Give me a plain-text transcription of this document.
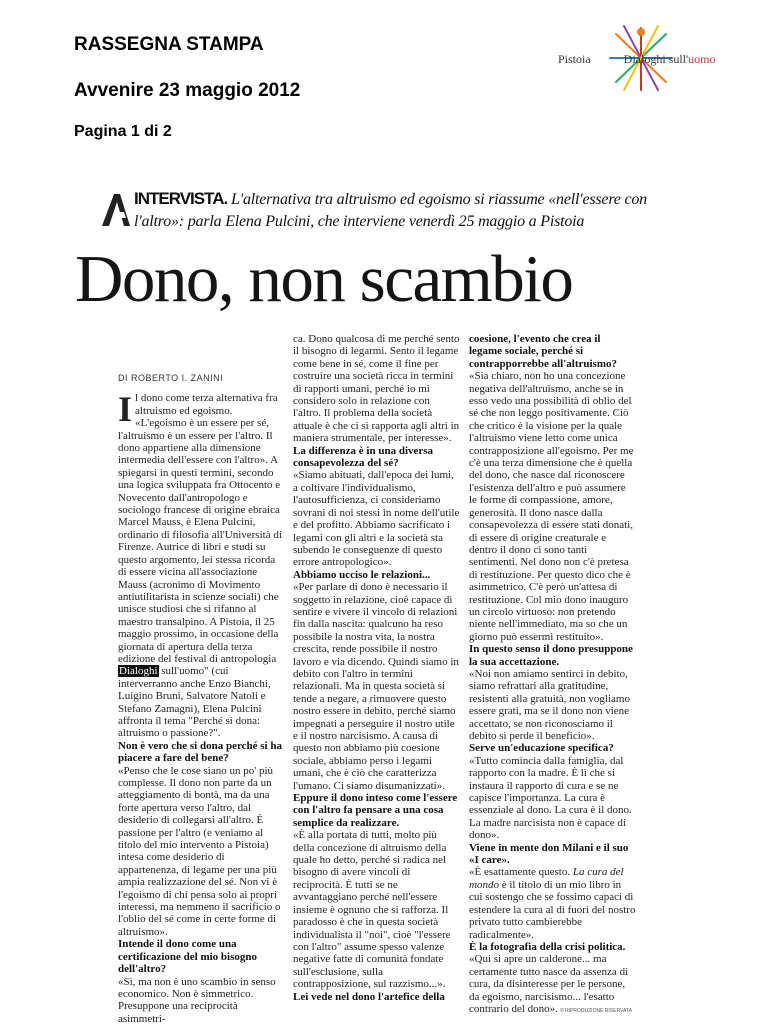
RASSEGNA STAMPA
Avvenire 23 maggio 2012
Pagina 1 di 2
Pistoia	Dialoghi sull'uomo
INTERVISTA. L'alternativa tra altruismo ed egoismo si riassume «nell'essere con l'altro»: parla Elena Pulcini, che interviene venerdì 25 maggio a Pistoia
Dono, non scambio

DI ROBERTO I. ZANINI

Il dono come terza alternativa fra altruismo ed egoismo. «L'egoismo è un essere per sé, l'altruismo è un essere per l'altro. Il dono appartiene alla dimensione intermedia dell'essere con l'altro». A spiegarsi in questi termini, secondo una logica sviluppata fra Ottocento e Novecento dall'antropologo e sociologo francese di origine ebraica Marcel Mauss, è Elena Pulcini, ordinario di filosofia all'Università di Firenze. Autrice di libri e studi su questo argomento, lei stessa ricorda di essere vicina all'associazione Mauss (acronimo di Movimento antiutilitarista in scienze sociali) che unisce studiosi che si rifanno al maestro transalpino. A Pistoia, il 25 maggio prossimo, in occasione della giornata di apertura della terza edizione del festival di antropologia Dialoghi sull'uomo" (cui interverranno anche Enzo Bianchi, Luigino Bruni, Salvatore Natoli e Stefano Zamagni), Elena Pulcini affronta il tema "Perché si dona: altruismo o passione?".

Non è vero che si dona perché si ha piacere a fare del bene?

«Penso che le cose siano un po' più complesse. Il dono non parte da un atteggiamento di bontà, ma da una forte apertura verso l'altro, dal desiderio di collegarsi all'altro. È passione per l'altro (e veniamo al titolo del mio intervento a Pistoia) intesa come desiderio di appartenenza, di legame per una più ampia realizzazione del sé. Non vi è l'egoismo di chi pensa solo ai propri interessi, ma nemmeno il sacrificio o l'oblio del sé come in certe forme di altruismo».

Intende il dono come una certificazione del mio bisogno dell'altro?

«Sì, ma non è uno scambio in senso economico. Non è simmetrico. Presuppone una reciprocità asimmetri-

ca. Dono qualcosa di me perché sento il bisogno di legarmi. Sento il legame come bene in sé, come il fine per costruire una società ricca in termini di rapporti umani, perché io mi considero solo in relazione con l'altro. Il problema della società attuale è che ci si rapporta agli altri in maniera strumentale, per interesse».

La differenza è in una diversa consapevolezza del sé?

«Siamo abituati, dall'epoca dei lumi, a coltivare l'individualismo, l'autosufficienza, ci consideriamo sovrani di noi stessi in nome dell'utile e del profitto. Abbiamo sacrificato i legami con gli altri e la società sta subendo le conseguenze di questo errore antropologico».

Abbiamo ucciso le relazioni...

«Per parlare di dono è necessario il soggetto in relazione, cioè capace di sentire e vivere il vincolo di relazioni fin dalla nascita: qualcuno ha reso possibile la nostra vita, la nostra crescita, rende possibile il nostro lavoro e via dicendo. Quindi siamo in debito con l'altro in termini relazionali. Ma in questa società si tende a negare, a rimuovere questo nostro essere in debito, perché siamo impegnati a perseguire il nostro utile e il nostro narcisismo. A causa di questo non abbiamo più coesione sociale, abbiamo perso i legami umani, che è ciò che caratterizza l'umano. Ci siamo disumanizzati».

Eppure il dono inteso come l'essere con l'altro fa pensare a una cosa semplice da realizzare.

«È alla portata di tutti, molto più della concezione di altruismo della quale ho detto, perché si radica nel bisogno di avere vincoli di reciprocità. È tutti se ne avvantaggiano perché nell'essere insieme è ognuno che si rafforza. Il paradosso è che in questa società individualista il "noi", cioè "l'essere con l'altro" assume spesso valenze negative fatte di comunità fondate sull'esclusione, sulla contrapposizione, sul razzismo...».

Lei vede nel dono l'artefice della

coesione, l'evento che crea il legame sociale, perché si contrapporrebbe all'altruismo?

«Sia chiaro, non ho una concezione negativa dell'altruismo, anche se in esso vedo una possibilità di oblio del sé che non leggo positivamente. Ciò che critico è la visione per la quale l'altruismo viene letto come unica contrapposizione all'egoismo. Per me c'è una terza dimensione che è quella del dono, che nasce dal riconoscere l'esistenza dell'altro e può assumere le forme di compassione, amore, generosità. Il dono nasce dalla consapevolezza di essere stati donati, di essere di origine creaturale e dentro il dono ci sono tanti sentimenti. Nel dono non c'è pretesa di restituzione. Per questo dico che è asimmetrico. C'è però un'attesa di restituzione. Col mio dono inauguro un circolo virtuoso: non pretendo niente nell'immediato, ma so che un giorno può essermi restituito».

In questo senso il dono presuppone la sua accettazione.

«Noi non amiamo sentirci in debito, siamo refrattari alla gratitudine, resistenti alla gratuità, non vogliamo essere grati, ma se il dono non viene accettato, se non riconosciamo il debito si perde il beneficio».

Serve un'educazione specifica?

«Tutto comincia dalla famiglia, dal rapporto con la madre. È lì che si instaura il rapporto di cura e se ne capisce l'importanza. La cura è essenziale al dono. La cura è il dono. La madre narcisista non è capace di dono».

Viene in mente don Milani e il suo «I care».

«È esattamente questo. La cura del mondo è il titolo di un mio libro in cui sostengo che se fossimo capaci di estendere la cura al di fuori del nostro privato tutto cambierebbe radicalmente».

È la fotografia della crisi politica.

«Qui si apre un calderone... ma certamente tutto nasce da assenza di cura, da disinteresse per le persone, da egoismo, narcisismo... l'esatto contrario del dono». © RIPRODUZIONE RISERVATA
